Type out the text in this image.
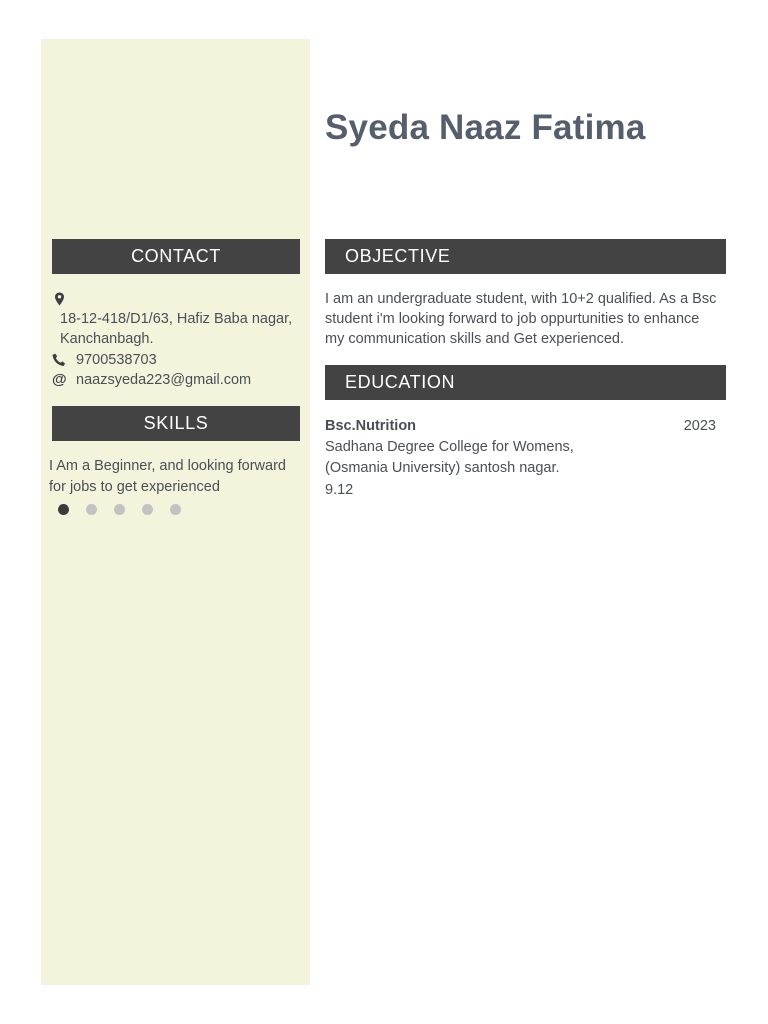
Syeda Naaz Fatima
CONTACT
18-12-418/D1/63, Hafiz Baba nagar,
Kanchanbagh.
9700538703
@ naazsyeda223@gmail.com
SKILLS

I Am a Beginner, and looking forward

for jobs to get experienced

OBJECTIVE

I am an undergraduate student, with 10+2 qualified. As a Bsc

student i'm looking forward to job oppurtunities to enhance

my communication skills and Get experienced.

EDUCATION
Bsc.Nutrition	2023
Sadhana Degree College for Womens,
(Osmania University) santosh nagar.
9.12
